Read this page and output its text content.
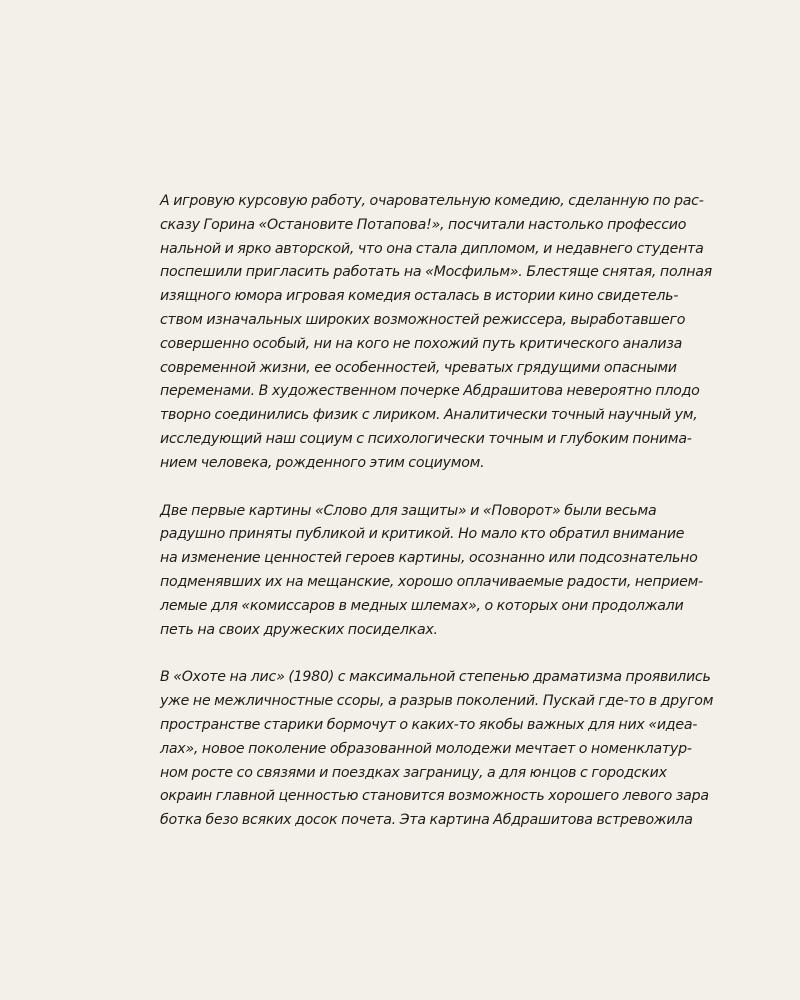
А игровую курсовую работу, очаровательную комедию, сделанную по рас-
сказу Горина «Остановите Потапова!», посчитали настолько профессио
нальной и ярко авторской, что она стала дипломом, и недавнего студента
поспешили пригласить работать на «Мосфильм». Блестяще снятая, полная
изящного юмора игровая комедия осталась в истории кино свидетель-
ством изначальных широких возможностей режиссера, выработавшего
совершенно особый, ни на кого не похожий путь критического анализа
современной жизни, ее особенностей, чреватых грядущими опасными
переменами. В художественном почерке Абдрашитова невероятно плодо
творно соединились физик с лириком. Аналитически точный научный ум,
исследующий наш социум с психологически точным и глубоким понима-
нием человека, рожденного этим социумом.
Две первые картины «Слово для защиты» и «Поворот» были весьма
радушно приняты публикой и критикой. Но мало кто обратил внимание
на изменение ценностей героев картины, осознанно или подсознательно
подменявших их на мещанские, хорошо оплачиваемые радости, неприем-
лемые для «комиссаров в медных шлемах», о которых они продолжали
петь на своих дружеских посиделках.
В «Охоте на лис» (1980) с максимальной степенью драматизма проявились
уже не межличностные ссоры, а разрыв поколений. Пускай где-то в другом
пространстве старики бормочут о каких-то якобы важных для них «идеа-
лах», новое поколение образованной молодежи мечтает о номенклатур-
ном росте со связями и поездках заграницу, а для юнцов с городских
окраин главной ценностью становится возможность хорошего левого зара
ботка безо всяких досок почета. Эта картина Абдрашитова встревожила
